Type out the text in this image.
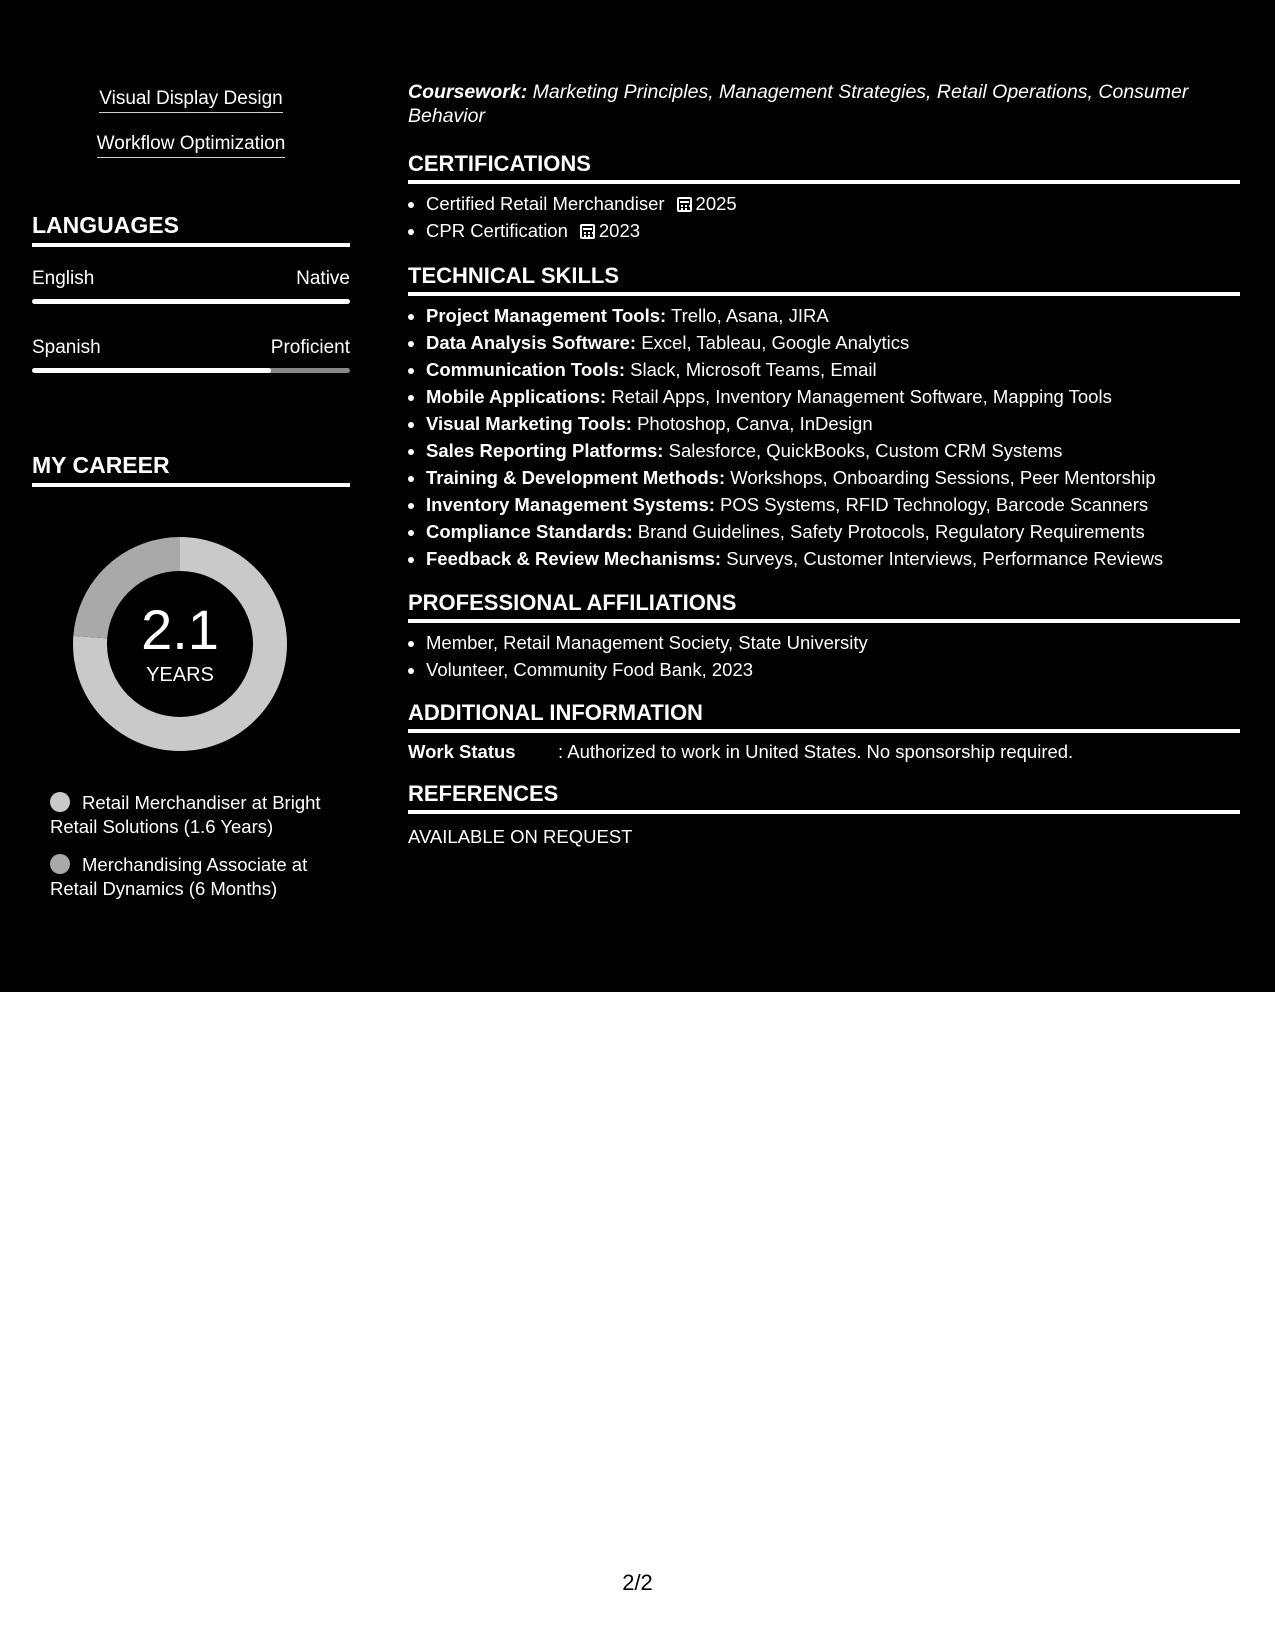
Visual Display Design
Workflow Optimization
LANGUAGES
English	Native
Spanish	Proficient
MY CAREER
2.1
YEARS
Retail Merchandiser at Bright Retail Solutions (1.6 Years)
Merchandising Associate at Retail Dynamics (6 Months)
Coursework: Marketing Principles, Management Strategies, Retail Operations, Consumer Behavior
CERTIFICATIONS
• Certified Retail Merchandiser 2025
• CPR Certification 2023
TECHNICAL SKILLS
• Project Management Tools: Trello, Asana, JIRA
• Data Analysis Software: Excel, Tableau, Google Analytics
• Communication Tools: Slack, Microsoft Teams, Email
• Mobile Applications: Retail Apps, Inventory Management Software, Mapping Tools
• Visual Marketing Tools: Photoshop, Canva, InDesign
• Sales Reporting Platforms: Salesforce, QuickBooks, Custom CRM Systems
• Training & Development Methods: Workshops, Onboarding Sessions, Peer Mentorship
• Inventory Management Systems: POS Systems, RFID Technology, Barcode Scanners
• Compliance Standards: Brand Guidelines, Safety Protocols, Regulatory Requirements
• Feedback & Review Mechanisms: Surveys, Customer Interviews, Performance Reviews
PROFESSIONAL AFFILIATIONS
• Member, Retail Management Society, State University
• Volunteer, Community Food Bank, 2023
ADDITIONAL INFORMATION
Work Status : Authorized to work in United States. No sponsorship required.
REFERENCES
AVAILABLE ON REQUEST
2/2
